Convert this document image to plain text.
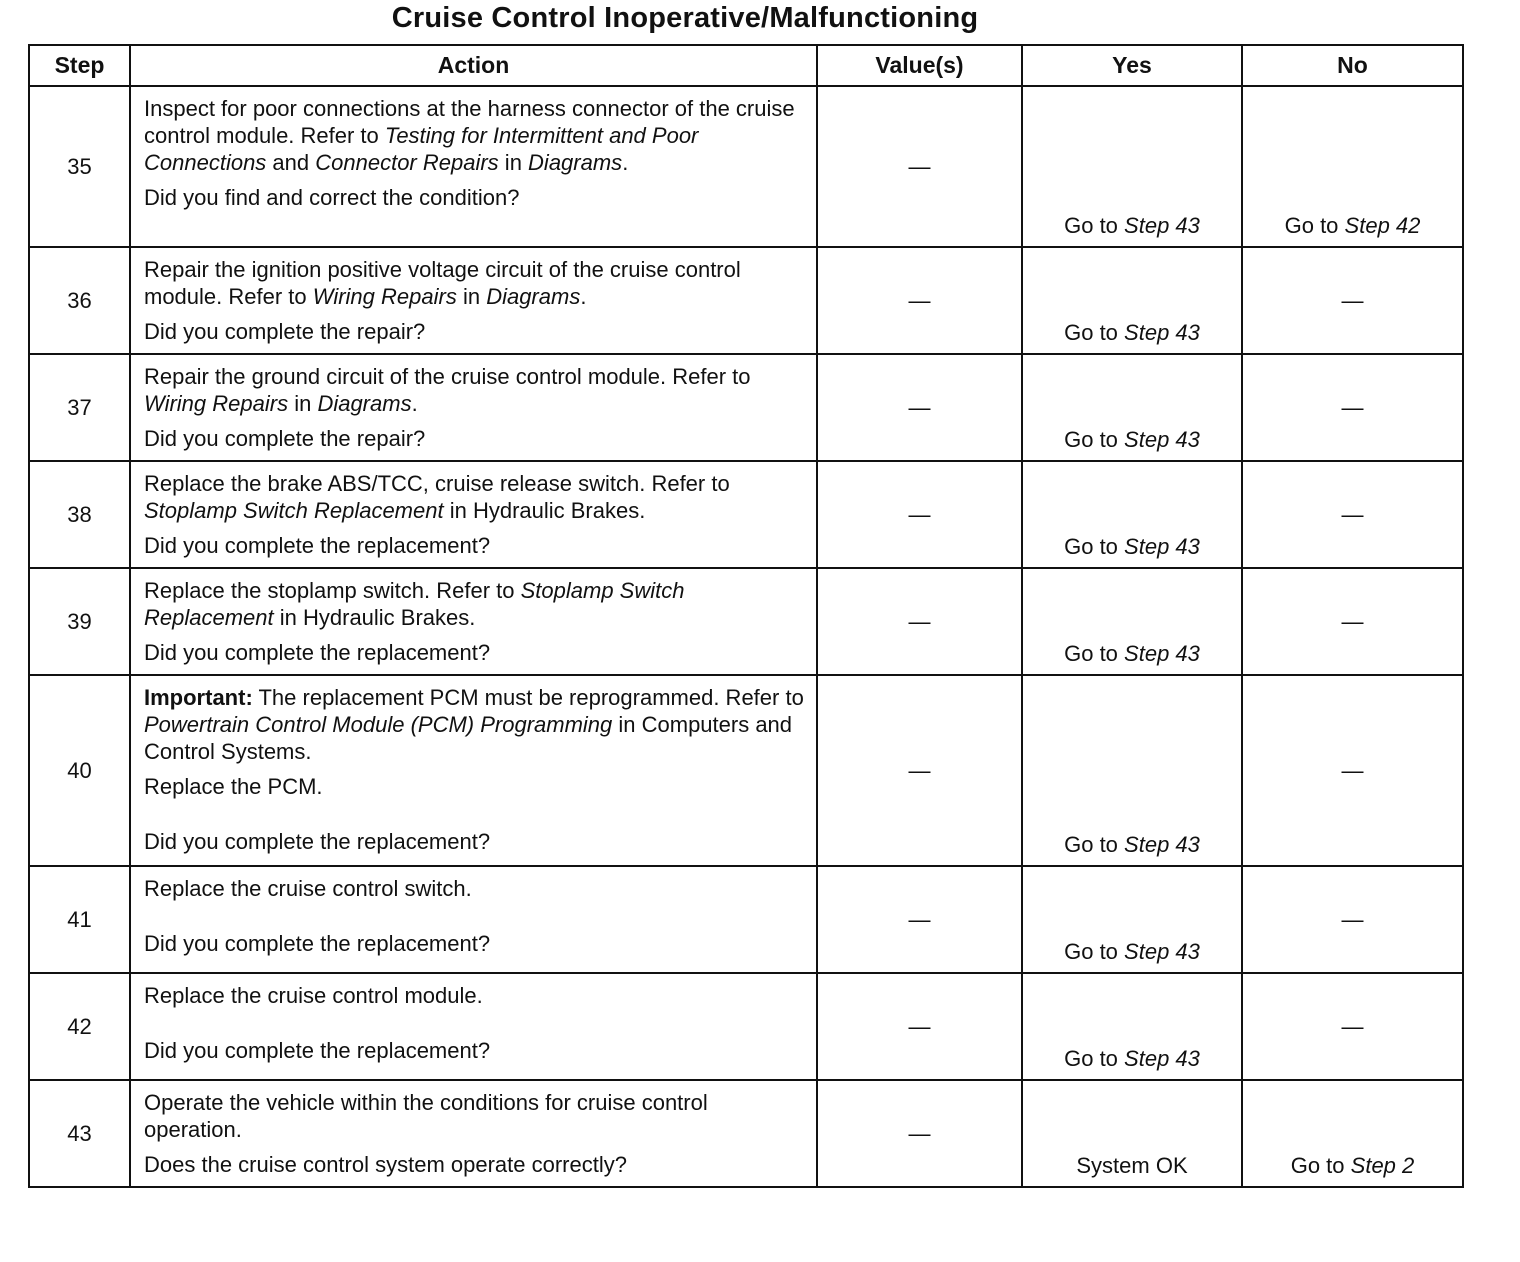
Cruise Control Inoperative/Malfunctioning
Step	Action	Value(s)	Yes	No
35	Inspect for poor connections at the harness connector of the cruise control module. Refer to Testing for Intermittent and Poor Connections and Connector Repairs in Diagrams.

Did you find and correct the condition?	—	Go to Step 43	Go to Step 42

36	Repair the ignition positive voltage circuit of the cruise control module. Refer to Wiring Repairs in Diagrams.

Did you complete the repair?	—	Go to Step 43	—
37	Repair the ground circuit of the cruise control module. Refer to Wiring Repairs in Diagrams.

Did you complete the repair?	—	Go to Step 43	—
38	Replace the brake ABS/TCC, cruise release switch. Refer to Stoplamp Switch Replacement in Hydraulic Brakes.

Did you complete the replacement?	—	Go to Step 43	—
39	Replace the stoplamp switch. Refer to Stoplamp Switch Replacement in Hydraulic Brakes.

Did you complete the replacement?	—	Go to Step 43	—
40	Important: The replacement PCM must be reprogrammed. Refer to Powertrain Control Module (PCM) Programming in Computers and Control Systems.

Replace the PCM.

Did you complete the replacement?	—	Go to Step 43	—
41	Replace the cruise control switch.

Did you complete the replacement?	—	Go to Step 43	—
42	Replace the cruise control module.

Did you complete the replacement?	—	Go to Step 43	—
43	Operate the vehicle within the conditions for cruise control operation.

Does the cruise control system operate correctly?	—	System OK	Go to Step 2
